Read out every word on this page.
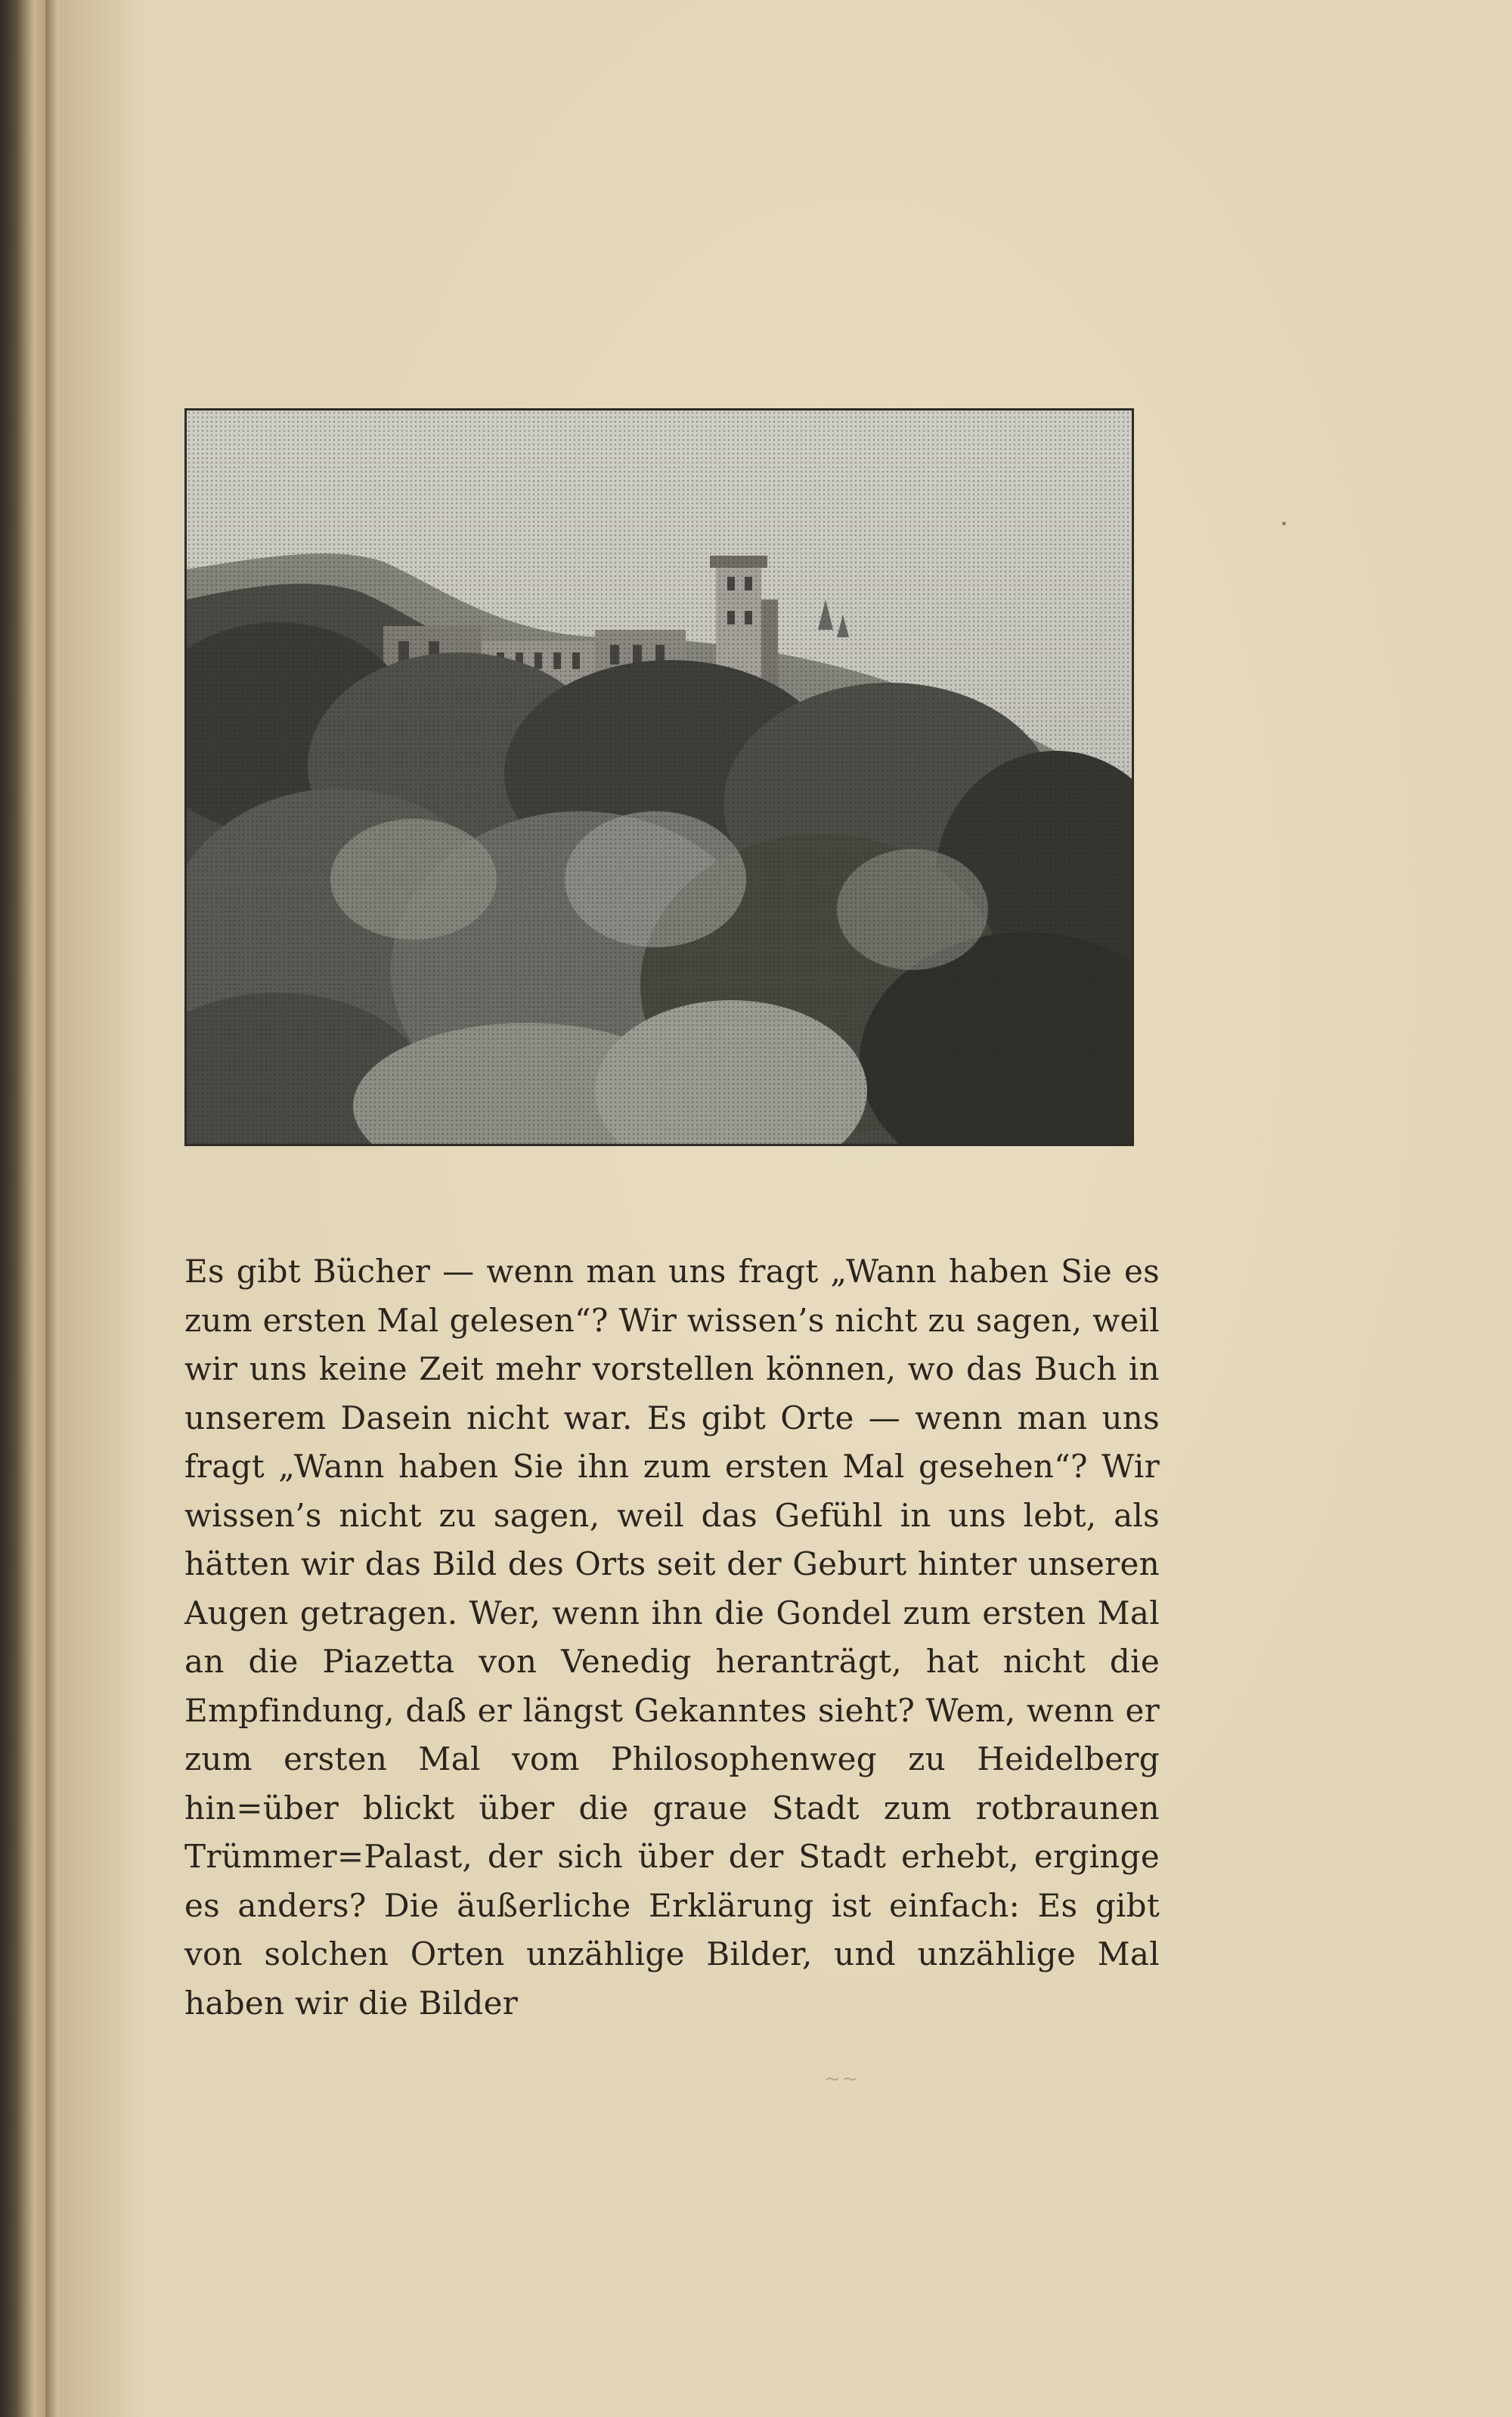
Es gibt Bücher — wenn man uns fragt „Wann haben Sie es zum ersten Mal gelesen“? Wir wissen’s nicht zu sagen, weil wir uns keine Zeit mehr vorstellen können, wo das Buch in unserem Dasein nicht war. Es gibt Orte — wenn man uns fragt „Wann haben Sie ihn zum ersten Mal gesehen“? Wir wissen’s nicht zu sagen, weil das Gefühl in uns lebt, als hätten wir das Bild des Orts seit der Geburt hinter unseren Augen getragen. Wer, wenn ihn die Gondel zum ersten Mal an die Piazetta von Venedig heranträgt, hat nicht die Empfindung, daß er längst Gekanntes sieht? Wem, wenn er zum ersten Mal vom Philosophenweg zu Heidelberg hin=über blickt über die graue Stadt zum rotbraunen Trümmer=Palast, der sich über der Stadt erhebt, erginge es anders? Die äußerliche Erklärung ist einfach: Es gibt von solchen Orten unzählige Bilder, und unzählige Mal haben wir die Bilder

~~
